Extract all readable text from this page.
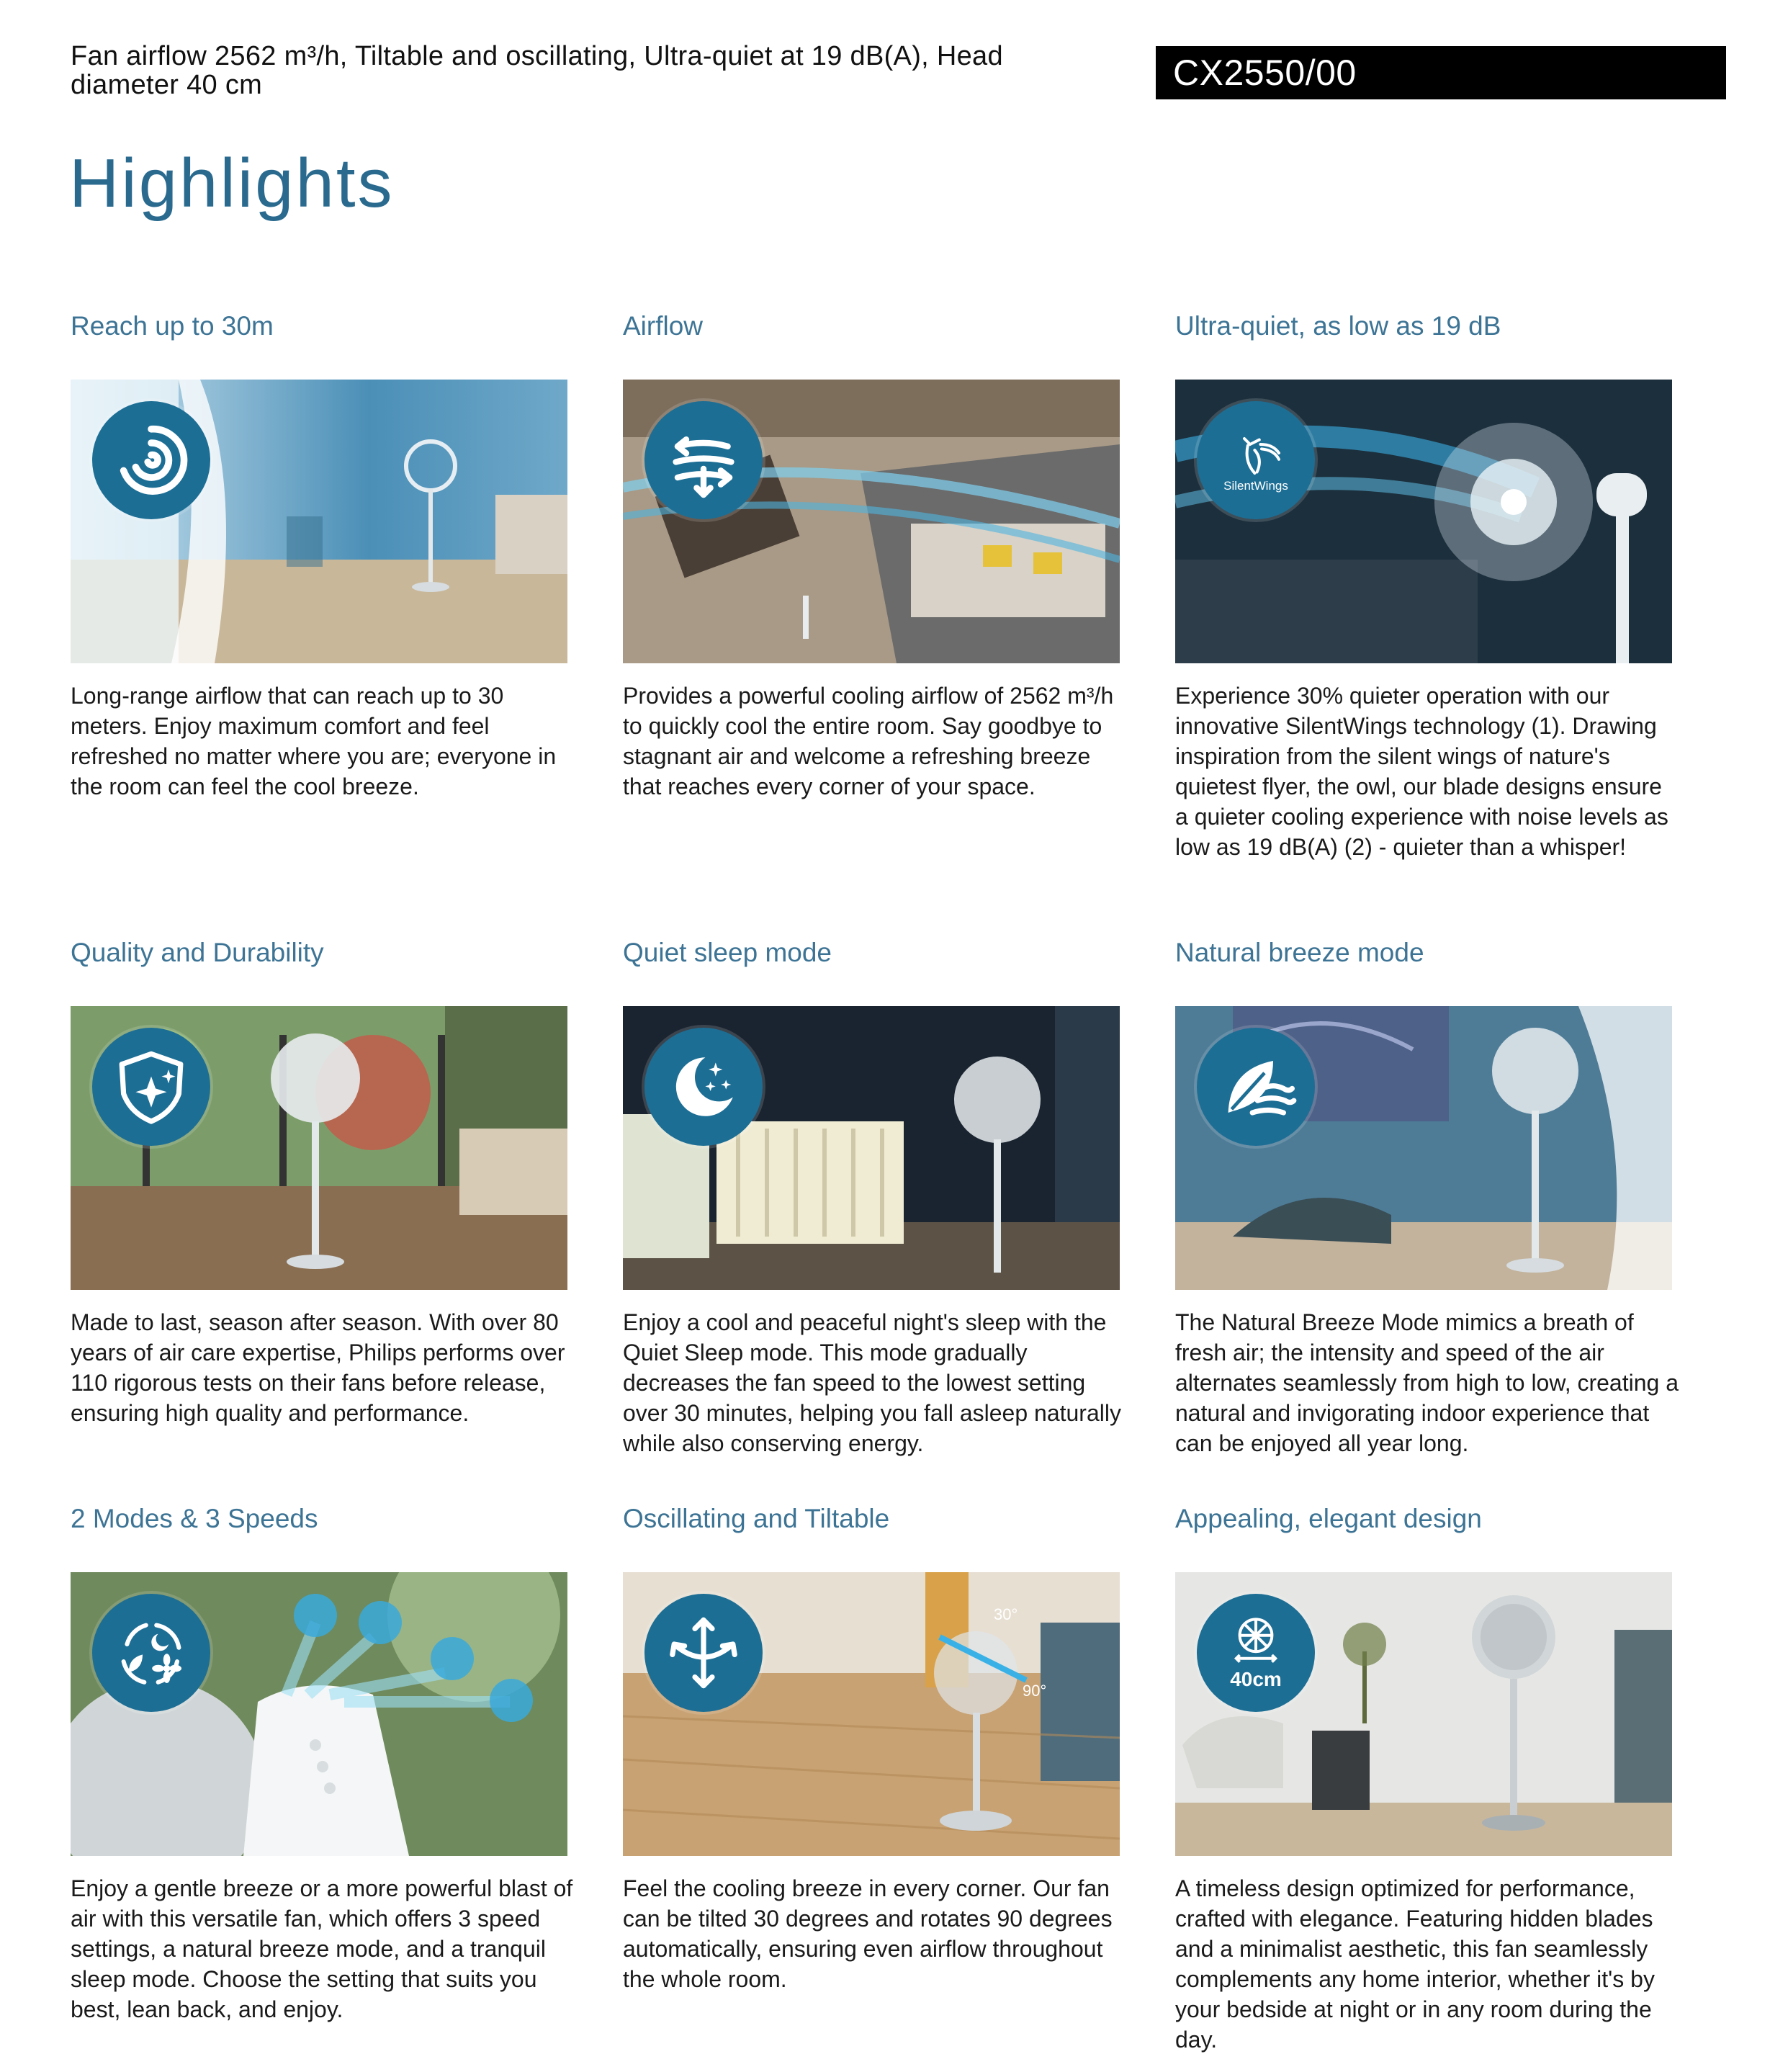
Fan airflow 2562 m³/h, Tiltable and oscillating, Ultra-quiet at 19 dB(A), Head diameter 40 cm	CX2550/00
Highlights
Reach up to 30m

Long-range airflow that can reach up to 30 meters. Enjoy maximum comfort and feel refreshed no matter where you are; everyone in the room can feel the cool breeze.

Airflow

Provides a powerful cooling airflow of 2562 m³/h to quickly cool the entire room. Say goodbye to stagnant air and welcome a refreshing breeze that reaches every corner of your space.

Ultra-quiet, as low as 19 dB
SilentWings

Experience 30% quieter operation with our innovative SilentWings technology (1). Drawing inspiration from the silent wings of nature's quietest flyer, the owl, our blade designs ensure a quieter cooling experience with noise levels as low as 19 dB(A) (2) - quieter than a whisper!

Quality and Durability

Made to last, season after season. With over 80 years of air care expertise, Philips performs over 110 rigorous tests on their fans before release, ensuring high quality and performance.

Quiet sleep mode

Enjoy a cool and peaceful night's sleep with the Quiet Sleep mode. This mode gradually decreases the fan speed to the lowest setting over 30 minutes, helping you fall asleep naturally while also conserving energy.

Natural breeze mode

The Natural Breeze Mode mimics a breath of fresh air; the intensity and speed of the air alternates seamlessly from high to low, creating a natural and invigorating indoor experience that can be enjoyed all year long.

2 Modes & 3 Speeds

Enjoy a gentle breeze or a more powerful blast of air with this versatile fan, which offers 3 speed settings, a natural breeze mode, and a tranquil sleep mode. Choose the setting that suits you best, lean back, and enjoy.

Oscillating and Tiltable
30°
90°

Feel the cooling breeze in every corner. Our fan can be tilted 30 degrees and rotates 90 degrees automatically, ensuring even airflow throughout the whole room.

Appealing, elegant design
40cm

A timeless design optimized for performance, crafted with elegance. Featuring hidden blades and a minimalist aesthetic, this fan seamlessly complements any home interior, whether it's by your bedside at night or in any room during the day.
